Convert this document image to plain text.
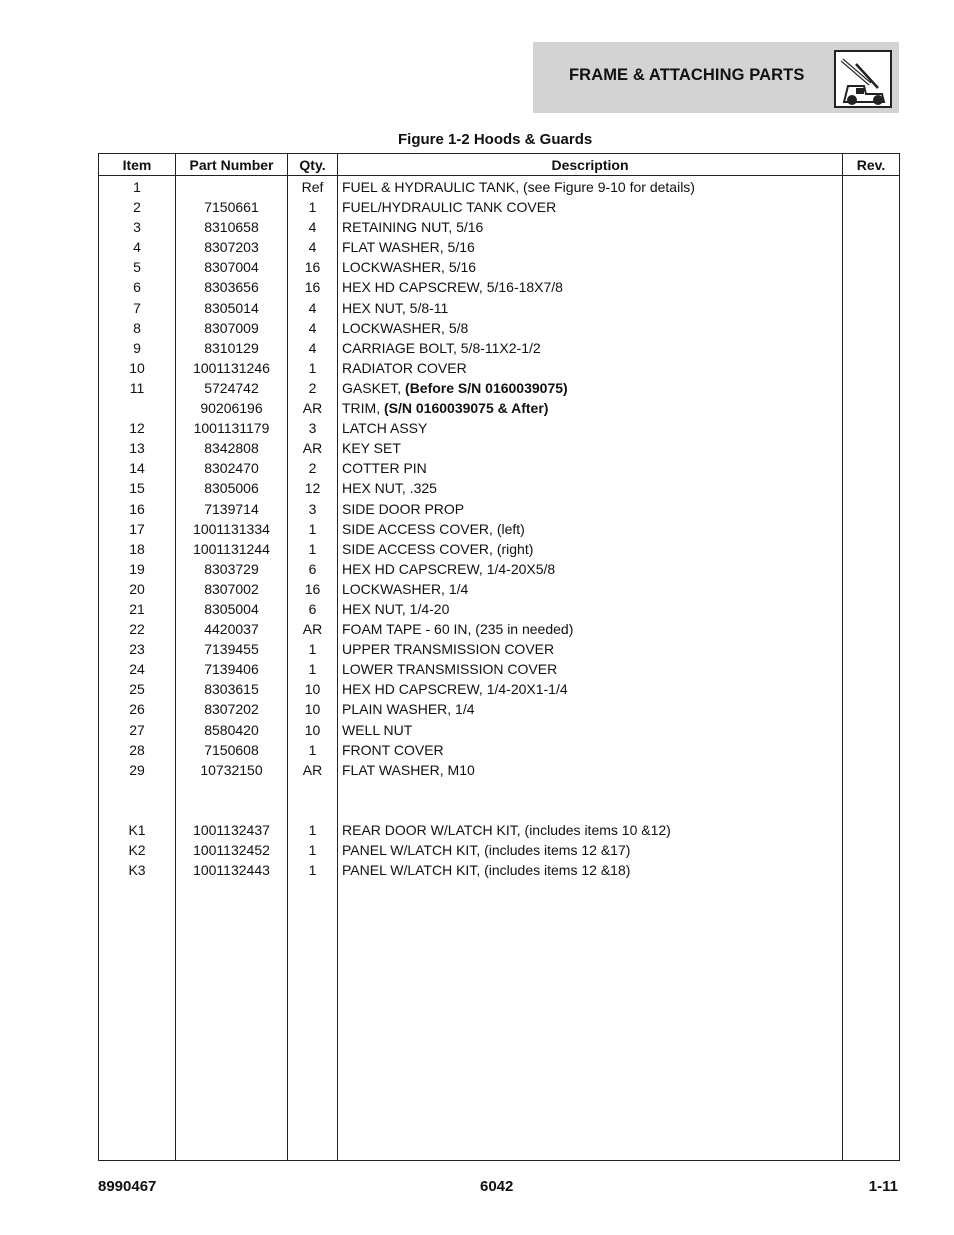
FRAME & ATTACHING PARTS
Figure 1-2 Hoods & Guards
Item	Part Number	Qty.	Description	Rev.
1		Ref	FUEL & HYDRAULIC TANK, (see Figure 9-10 for details)	
2	7150661	1	FUEL/HYDRAULIC TANK COVER	
3	8310658	4	RETAINING NUT, 5/16	
4	8307203	4	FLAT WASHER, 5/16	
5	8307004	16	LOCKWASHER, 5/16	
6	8303656	16	HEX HD CAPSCREW, 5/16-18X7/8	
7	8305014	4	HEX NUT, 5/8-11	
8	8307009	4	LOCKWASHER, 5/8	
9	8310129	4	CARRIAGE BOLT, 5/8-11X2-1/2	
10	1001131246	1	RADIATOR COVER	
11	5724742	2	GASKET, (Before S/N 0160039075)	
	90206196	AR	TRIM, (S/N 0160039075 & After)	
12	1001131179	3	LATCH ASSY	
13	8342808	AR	KEY SET	
14	8302470	2	COTTER PIN	
15	8305006	12	HEX NUT, .325	
16	7139714	3	SIDE DOOR PROP	
17	1001131334	1	SIDE ACCESS COVER, (left)	
18	1001131244	1	SIDE ACCESS COVER, (right)	
19	8303729	6	HEX HD CAPSCREW, 1/4-20X5/8	
20	8307002	16	LOCKWASHER, 1/4	
21	8305004	6	HEX NUT, 1/4-20	
22	4420037	AR	FOAM TAPE - 60 IN, (235 in needed)	
23	7139455	1	UPPER TRANSMISSION COVER	
24	7139406	1	LOWER TRANSMISSION COVER	
25	8303615	10	HEX HD CAPSCREW, 1/4-20X1-1/4	
26	8307202	10	PLAIN WASHER, 1/4	
27	8580420	10	WELL NUT	
28	7150608	1	FRONT COVER	
29	10732150	AR	FLAT WASHER, M10	

K1	1001132437	1	REAR DOOR W/LATCH KIT, (includes items 10 &12)	
K2	1001132452	1	PANEL W/LATCH KIT, (includes items 12 &17)	
K3	1001132443	1	PANEL W/LATCH KIT, (includes items 12 &18)	

8990467	6042	1-11
